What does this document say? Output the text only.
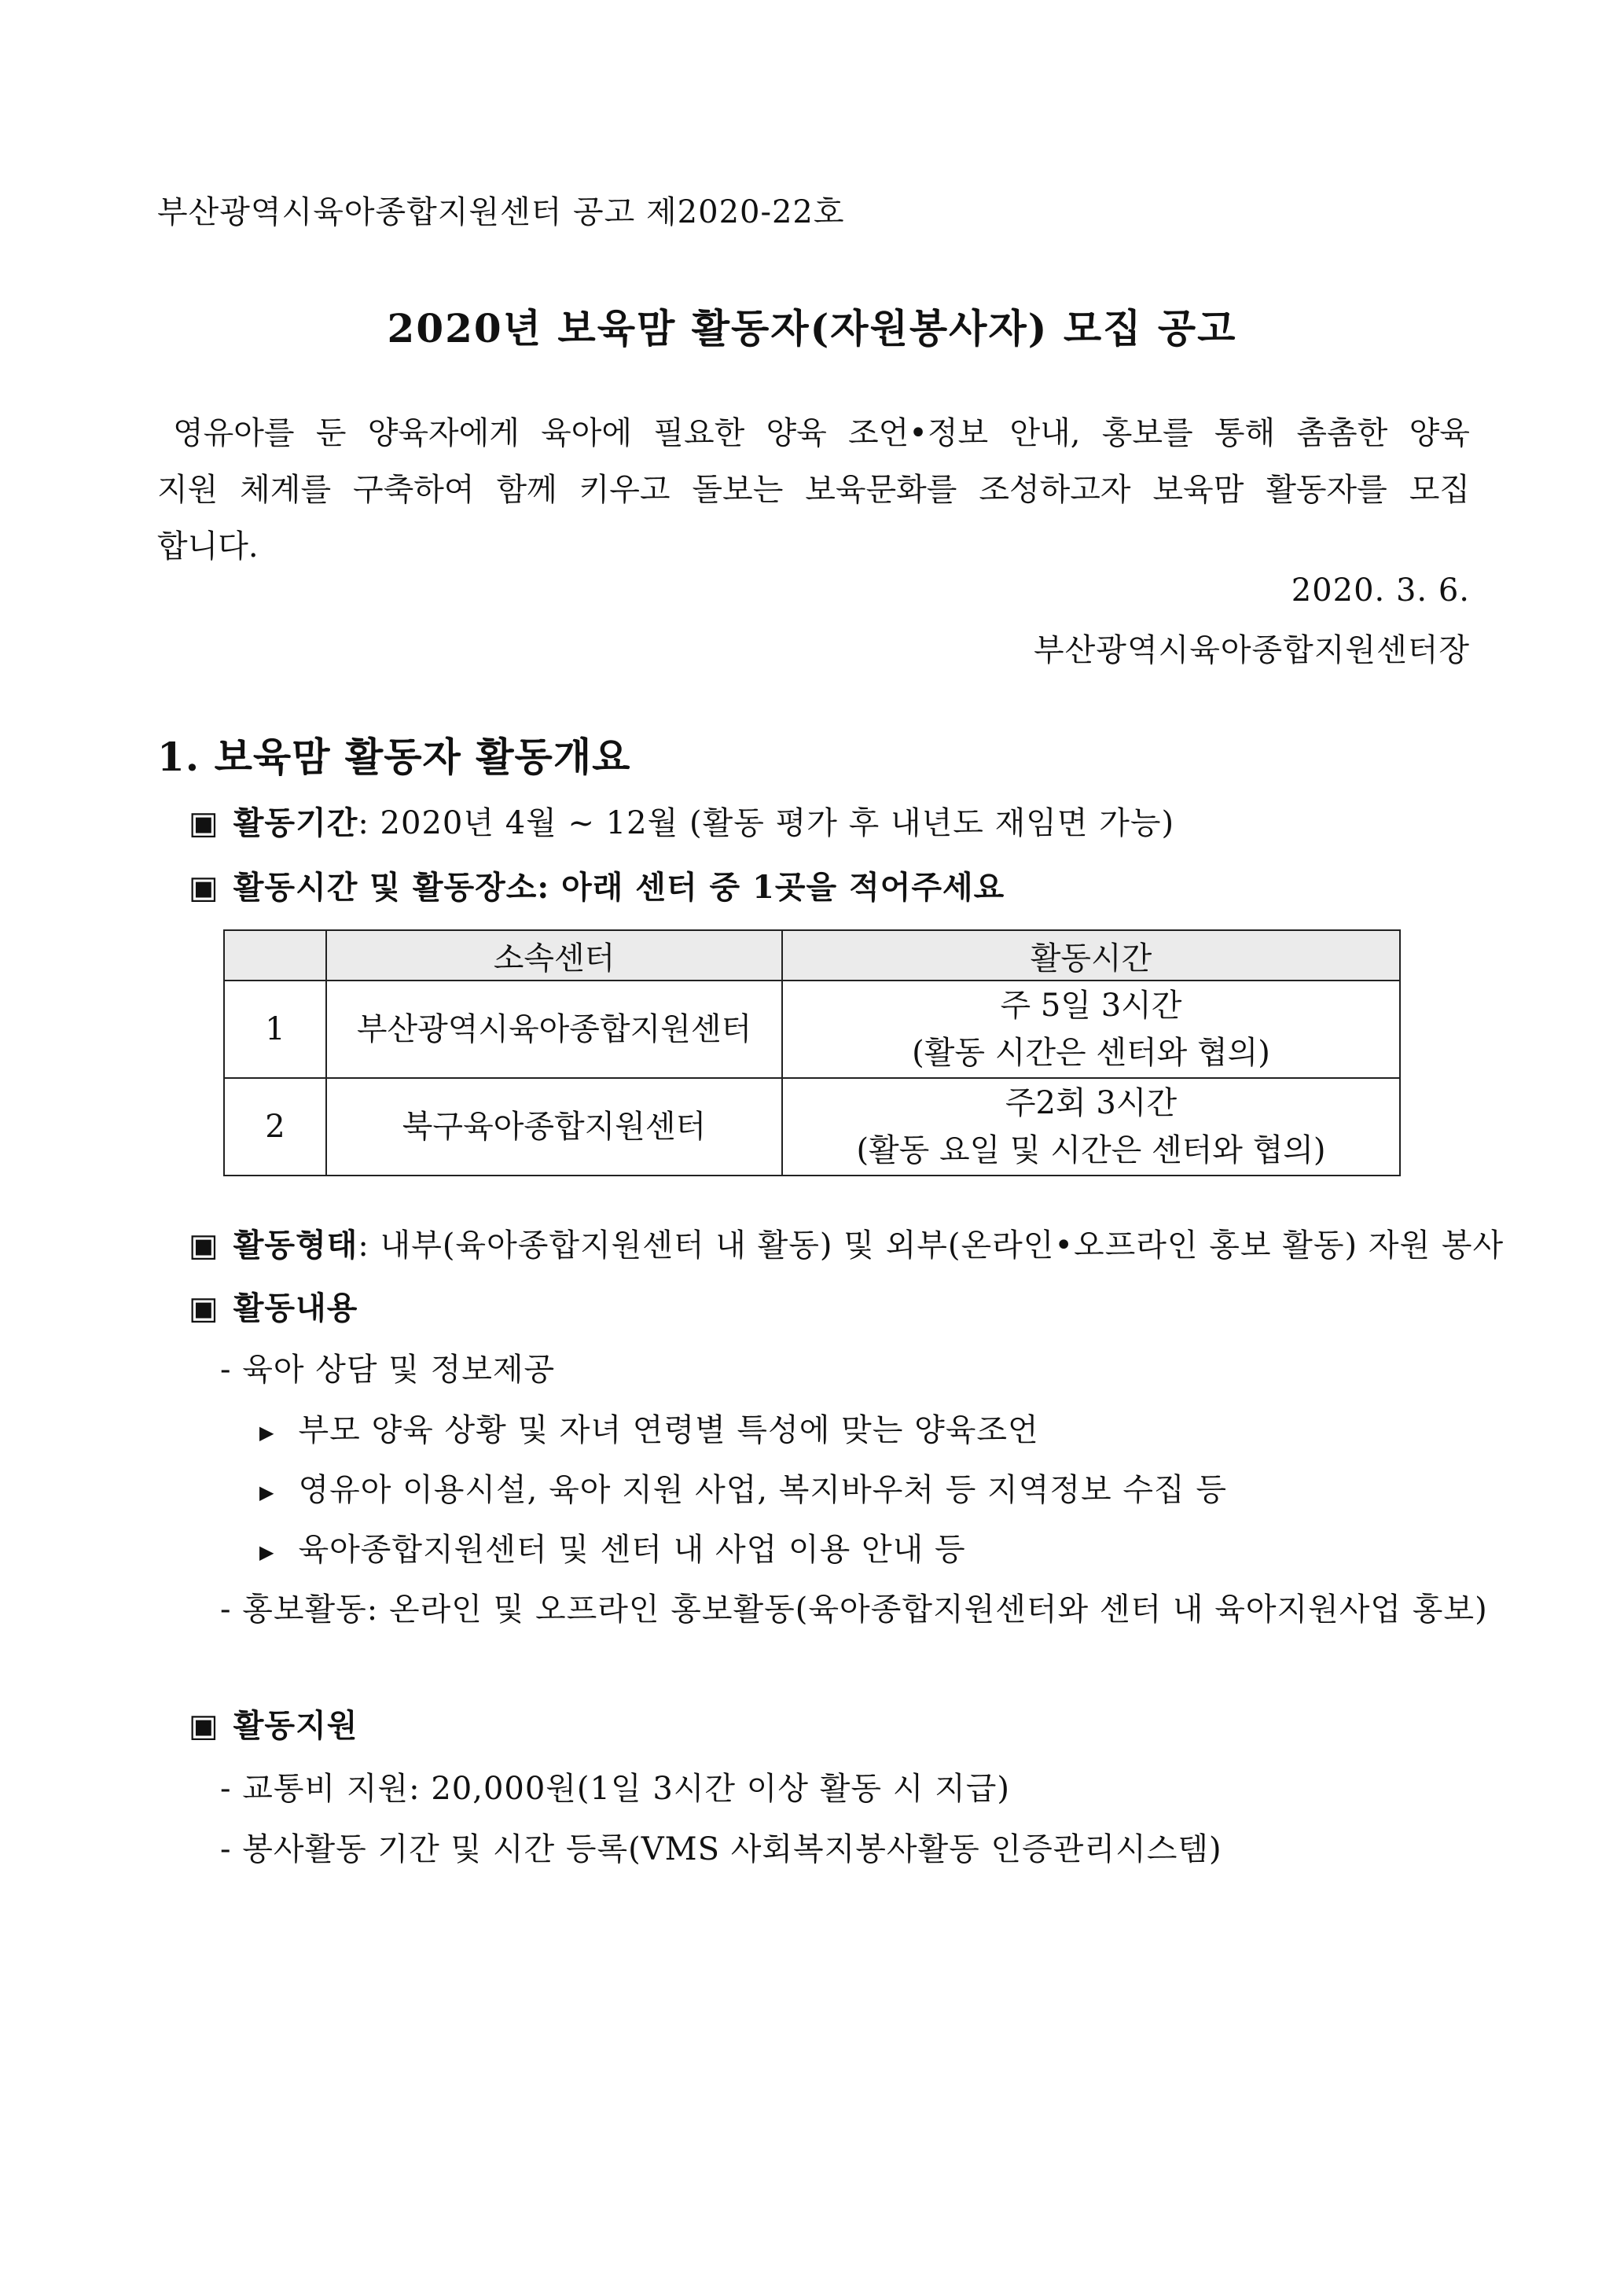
부산광역시육아종합지원센터 공고 제2020-22호
2020년 보육맘 활동자(자원봉사자) 모집 공고
영유아를 둔 양육자에게 육아에 필요한 양육 조언•정보 안내, 홍보를 통해 촘촘한 양육
지원 체계를 구축하여 함께 키우고 돌보는 보육문화를 조성하고자 보육맘 활동자를 모집
합니다.
2020. 3. 6.
부산광역시육아종합지원센터장
1. 보육맘 활동자 활동개요
▣ 활동기간: 2020년 4월 ~ 12월 (활동 평가 후 내년도 재임면 가능)
▣ 활동시간 및 활동장소: 아래 센터 중 1곳을 적어주세요
	소속센터	활동시간
1	부산광역시육아종합지원센터	주 5일 3시간
(활동 시간은 센터와 협의)

2	북구육아종합지원센터	주2회 3시간
(활동 요일 및 시간은 센터와 협의)
▣ 활동형태: 내부(육아종합지원센터 내 활동) 및 외부(온라인•오프라인 홍보 활동) 자원 봉사
▣ 활동내용
- 육아 상담 및 정보제공
▶ 부모 양육 상황 및 자녀 연령별 특성에 맞는 양육조언
▶ 영유아 이용시설, 육아 지원 사업, 복지바우처 등 지역정보 수집 등
▶ 육아종합지원센터 및 센터 내 사업 이용 안내 등
- 홍보활동: 온라인 및 오프라인 홍보활동(육아종합지원센터와 센터 내 육아지원사업 홍보)
▣ 활동지원
- 교통비 지원: 20,000원(1일 3시간 이상 활동 시 지급)
- 봉사활동 기간 및 시간 등록(VMS 사회복지봉사활동 인증관리시스템)
